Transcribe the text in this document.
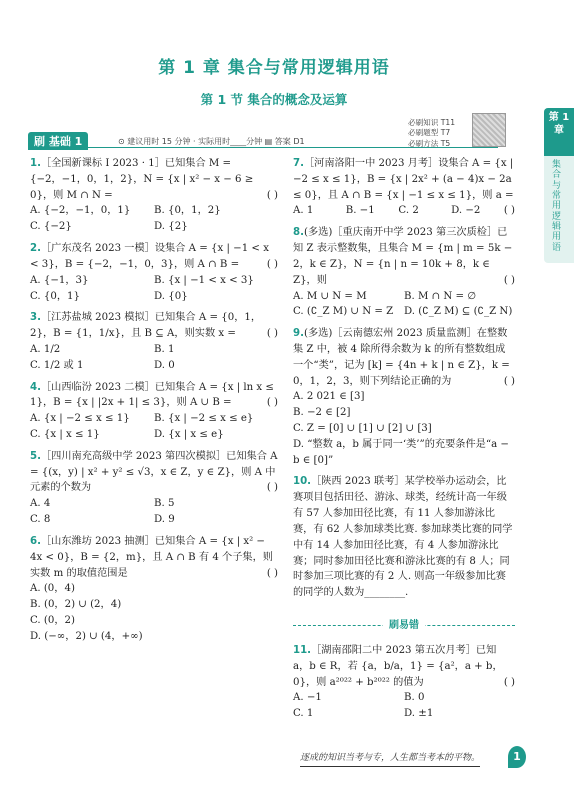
第 1 章 集合与常用逻辑用语
第 1 节 集合的概念及运算
必刷知识 T11
必刷题型 T7
必刷方法 T5
刷 基础 1	⊙ 建议用时 15 分钟 · 实际用时____分钟 ▤ 答案 D1
第 1 章
集合与常用逻辑用语
1.［全国新课标 Ⅰ 2023 · 1］已知集合 M = {−2，−1，0，1，2}，N = {x | x² − x − 6 ≥ 0}，则 M ∩ N =	( )
A. {−2，−1，0，1}	B. {0，1，2}
C. {−2}	D. {2}
2.［广东茂名 2023 一模］设集合 A = {x | −1 < x < 3}，B = {−2，−1，0，3}，则 A ∩ B =	( )
A. {−1，3}	B. {x | −1 < x < 3}
C. {0，1}	D. {0}
3.［江苏盐城 2023 模拟］已知集合 A = {0，1，2}，B = {1，1/x}，且 B ⊆ A，则实数 x =	( )
A. 1/2	B. 1
C. 1/2 或 1	D. 0
4.［山西临汾 2023 二模］已知集合 A = {x | ln x ≤ 1}，B = {x | |2x + 1| ≤ 3}，则 A ∪ B =	( )
A. {x | −2 ≤ x ≤ 1}	B. {x | −2 ≤ x ≤ e}
C. {x | x ≤ 1}	D. {x | x ≤ e}
5.［四川南充高级中学 2023 第四次模拟］已知集合 A = {(x，y) | x² + y² ≤ √3，x ∈ Z，y ∈ Z}，则 A 中元素的个数为	( )
A. 4	B. 5
C. 8	D. 9
6.［山东潍坊 2023 抽测］已知集合 A = {x | x² − 4x < 0}，B = {2，m}，且 A ∩ B 有 4 个子集，则实数 m 的取值范围是	( )
A. (0，4)
B. (0，2) ∪ (2，4)
C. (0，2)
D. (−∞，2) ∪ (4，+∞)
7.［河南洛阳一中 2023 月考］设集合 A = {x | −2 ≤ x ≤ 1}，B = {x | 2x² + (a − 4)x − 2a ≤ 0}，且 A ∩ B = {x | −1 ≤ x ≤ 1}，则 a =
( )
A. 1	B. −1	C. 2	D. −2
8.(多选)［重庆南开中学 2023 第三次质检］已知 Z 表示整数集，且集合 M = {m | m = 5k − 2，k ∈ Z}，N = {n | n = 10k + 8，k ∈ Z}，则	( )
A. M ∪ N = M	B. M ∩ N = ∅
C. (∁_Z M) ∪ N = Z	D. (∁_Z M) ⊆ (∁_Z N)
9.(多选)［云南德宏州 2023 质量监测］在整数集 Z 中，被 4 除所得余数为 k 的所有整数组成一个“类”，记为 [k] = {4n + k | n ∈ Z}，k = 0，1，2，3，则下列结论正确的为	( )
A. 2 021 ∈ [3]
B. −2 ∈ [2]
C. Z = [0] ∪ [1] ∪ [2] ∪ [3]
D. “整数 a，b 属于同一‘类’”的充要条件是“a − b ∈ [0]”
10.［陕西 2023 联考］某学校举办运动会，比赛项目包括田径、游泳、球类，经统计高一年级有 57 人参加田径比赛，有 11 人参加游泳比赛，有 62 人参加球类比赛. 参加球类比赛的同学中有 14 人参加田径比赛，有 4 人参加游泳比赛；同时参加田径比赛和游泳比赛的有 8 人；同时参加三项比赛的有 2 人. 则高一年级参加比赛的同学的人数为________.
刷易错
11.［湖南邵阳二中 2023 第五次月考］已知 a，b ∈ R，若 {a，b/a，1} = {a²，a + b，0}，则 a²⁰²² + b²⁰²² 的值为	( )
A. −1	B. 0
C. 1	D. ±1
逐成的知识当考与专，人生都当考本的平物。	1
